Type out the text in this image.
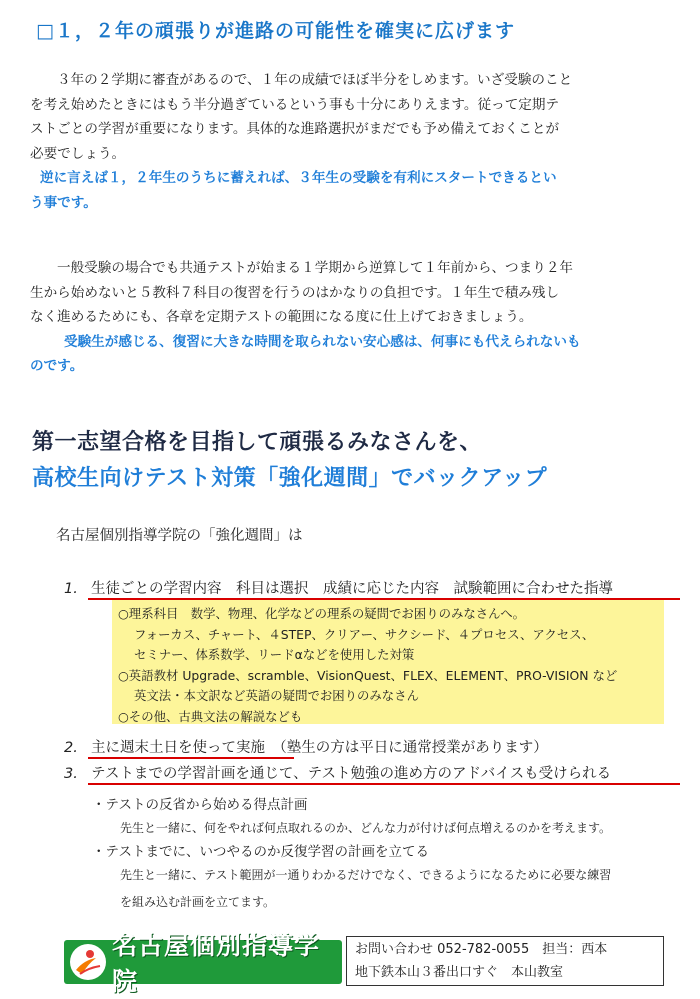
□１，２年の頑張りが進路の可能性を確実に広げます
３年の２学期に審査があるので、１年の成績でほぼ半分をしめます。いざ受験のこと
を考え始めたときにはもう半分過ぎているという事も十分にありえます。従って定期テ
ストごとの学習が重要になります。具体的な進路選択がまだでも予め備えておくことが
必要でしょう。
逆に言えば１，２年生のうちに蓄えれば、３年生の受験を有利にスタートできるとい
う事です。
一般受験の場合でも共通テストが始まる１学期から逆算して１年前から、つまり２年
生から始めないと５教科７科目の復習を行うのはかなりの負担です。１年生で積み残し
なく進めるためにも、各章を定期テストの範囲になる度に仕上げておきましょう。
受験生が感じる、復習に大きな時間を取られない安心感は、何事にも代えられないも
のです。
第一志望合格を目指して頑張るみなさんを、
高校生向けテスト対策「強化週間」でバックアップ
名古屋個別指導学院の「強化週間」は
1. 生徒ごとの学習内容　科目は選択　成績に応じた内容　試験範囲に合わせた指導
○理系科目　数学、物理、化学などの理系の疑問でお困りのみなさんへ。
フォーカス、チャート、４STEP、クリアー、サクシード、４プロセス、アクセス、
セミナー、体系数学、リードαなどを使用した対策
○英語教材 Upgrade、scramble、VisionQuest、FLEX、ELEMENT、PRO-VISION など
英文法・本文訳など英語の疑問でお困りのみなさん
○その他、古典文法の解説なども
2. 主に週末土日を使って実施　（塾生の方は平日に通常授業があります）
3. テストまでの学習計画を通じて、テスト勉強の進め方のアドバイスも受けられる
・テストの反省から始める得点計画
先生と一緒に、何をやれば何点取れるのか、どんな力が付けば何点増えるのかを考えます。
・テストまでに、いつやるのか反復学習の計画を立てる
先生と一緒に、テスト範囲が一通りわかるだけでなく、できるようになるために必要な練習
を組み込む計画を立てます。
名古屋個別指導学院
お問い合わせ 052-782-0055　担当：西本
地下鉄本山３番出口すぐ　本山教室
